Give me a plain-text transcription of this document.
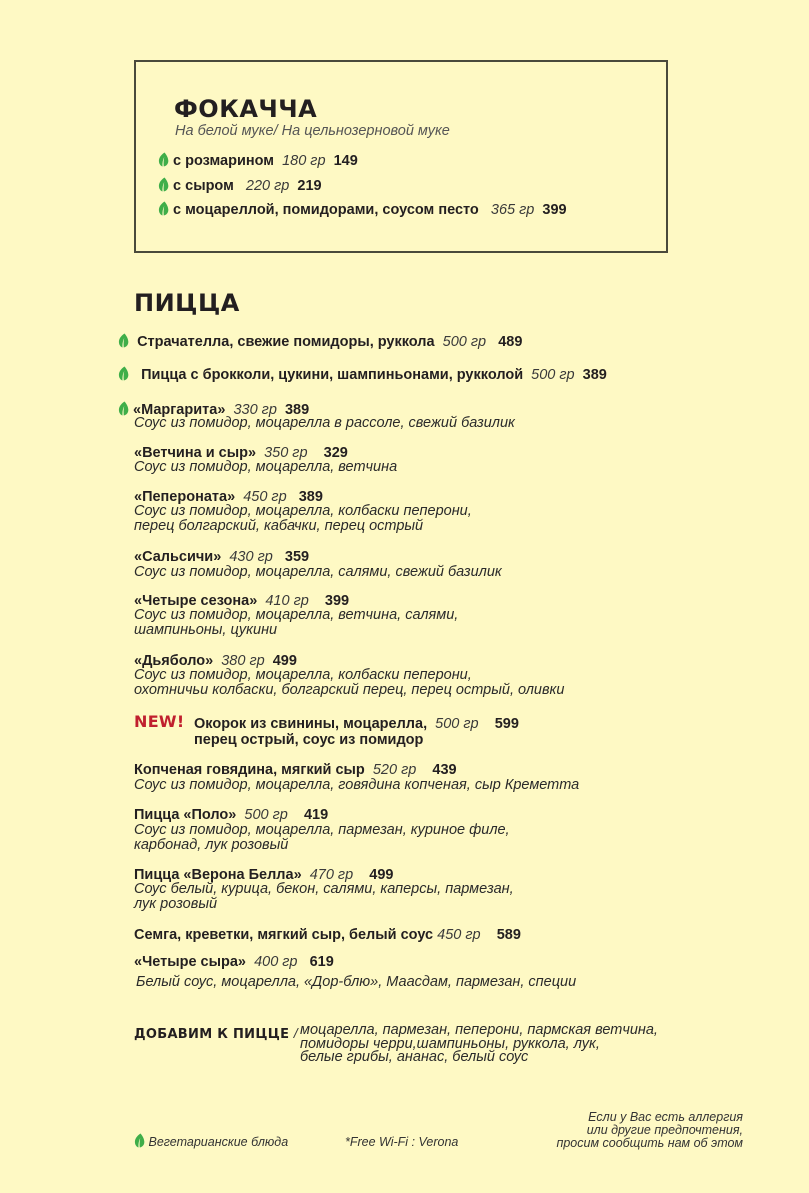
ФОКАЧЧА
На белой муке/ На цельнозерновой муке
с розмарином 180 гр 149
с сыром 220 гр 219
с моцареллой, помидорами, соусом песто 365 гр 399
ПИЦЦА
Страчателла, свежие помидоры, руккола 500 гр 489
Пицца с брокколи, цукини, шампиньонами, рукколой 500 гр 389
«Маргарита» 330 гр 389
Соус из помидор, моцарелла в рассоле, свежий базилик
«Ветчина и сыр» 350 гр 329
Соус из помидор, моцарелла, ветчина
«Пепероната» 450 гр 389
Соус из помидор, моцарелла, колбаски пеперони,
перец болгарский, кабачки, перец острый
«Сальсичи» 430 гр 359
Соус из помидор, моцарелла, салями, свежий базилик
«Четыре сезона» 410 гр 399
Соус из помидор, моцарелла, ветчина, салями,
шампиньоны, цукини
«Дьяболо» 380 гр 499
Соус из помидор, моцарелла, колбаски пеперони,
охотничьи колбаски, болгарский перец, перец острый, оливки
NEW! Окорок из свинины, моцарелла, 500 гр 599
перец острый, соус из помидор
Копченая говядина, мягкий сыр 520 гр 439
Соус из помидор, моцарелла, говядина копченая, сыр Креметта
Пицца «Поло» 500 гр 419
Соус из помидор, моцарелла, пармезан, куриное филе,
карбонад, лук розовый
Пицца «Верона Белла» 470 гр 499
Соус белый, курица, бекон, салями, каперсы, пармезан,
лук розовый
Семга, креветки, мягкий сыр, белый соус 450 гр 589
«Четыре сыра» 400 гр 619
Белый соус, моцарелла, «Дор-блю», Маасдам, пармезан, специи
ДОБАВИМ К ПИЦЦЕ / моцарелла, пармезан, пеперони, пармская ветчина,
помидоры черри,шампиньоны, руккола, лук,
белые грибы, ананас, белый соус
Вегетарианские блюда	*Free Wi-Fi : Verona
Если у Вас есть аллергия
или другие предпочтения,
просим сообщить нам об этом
